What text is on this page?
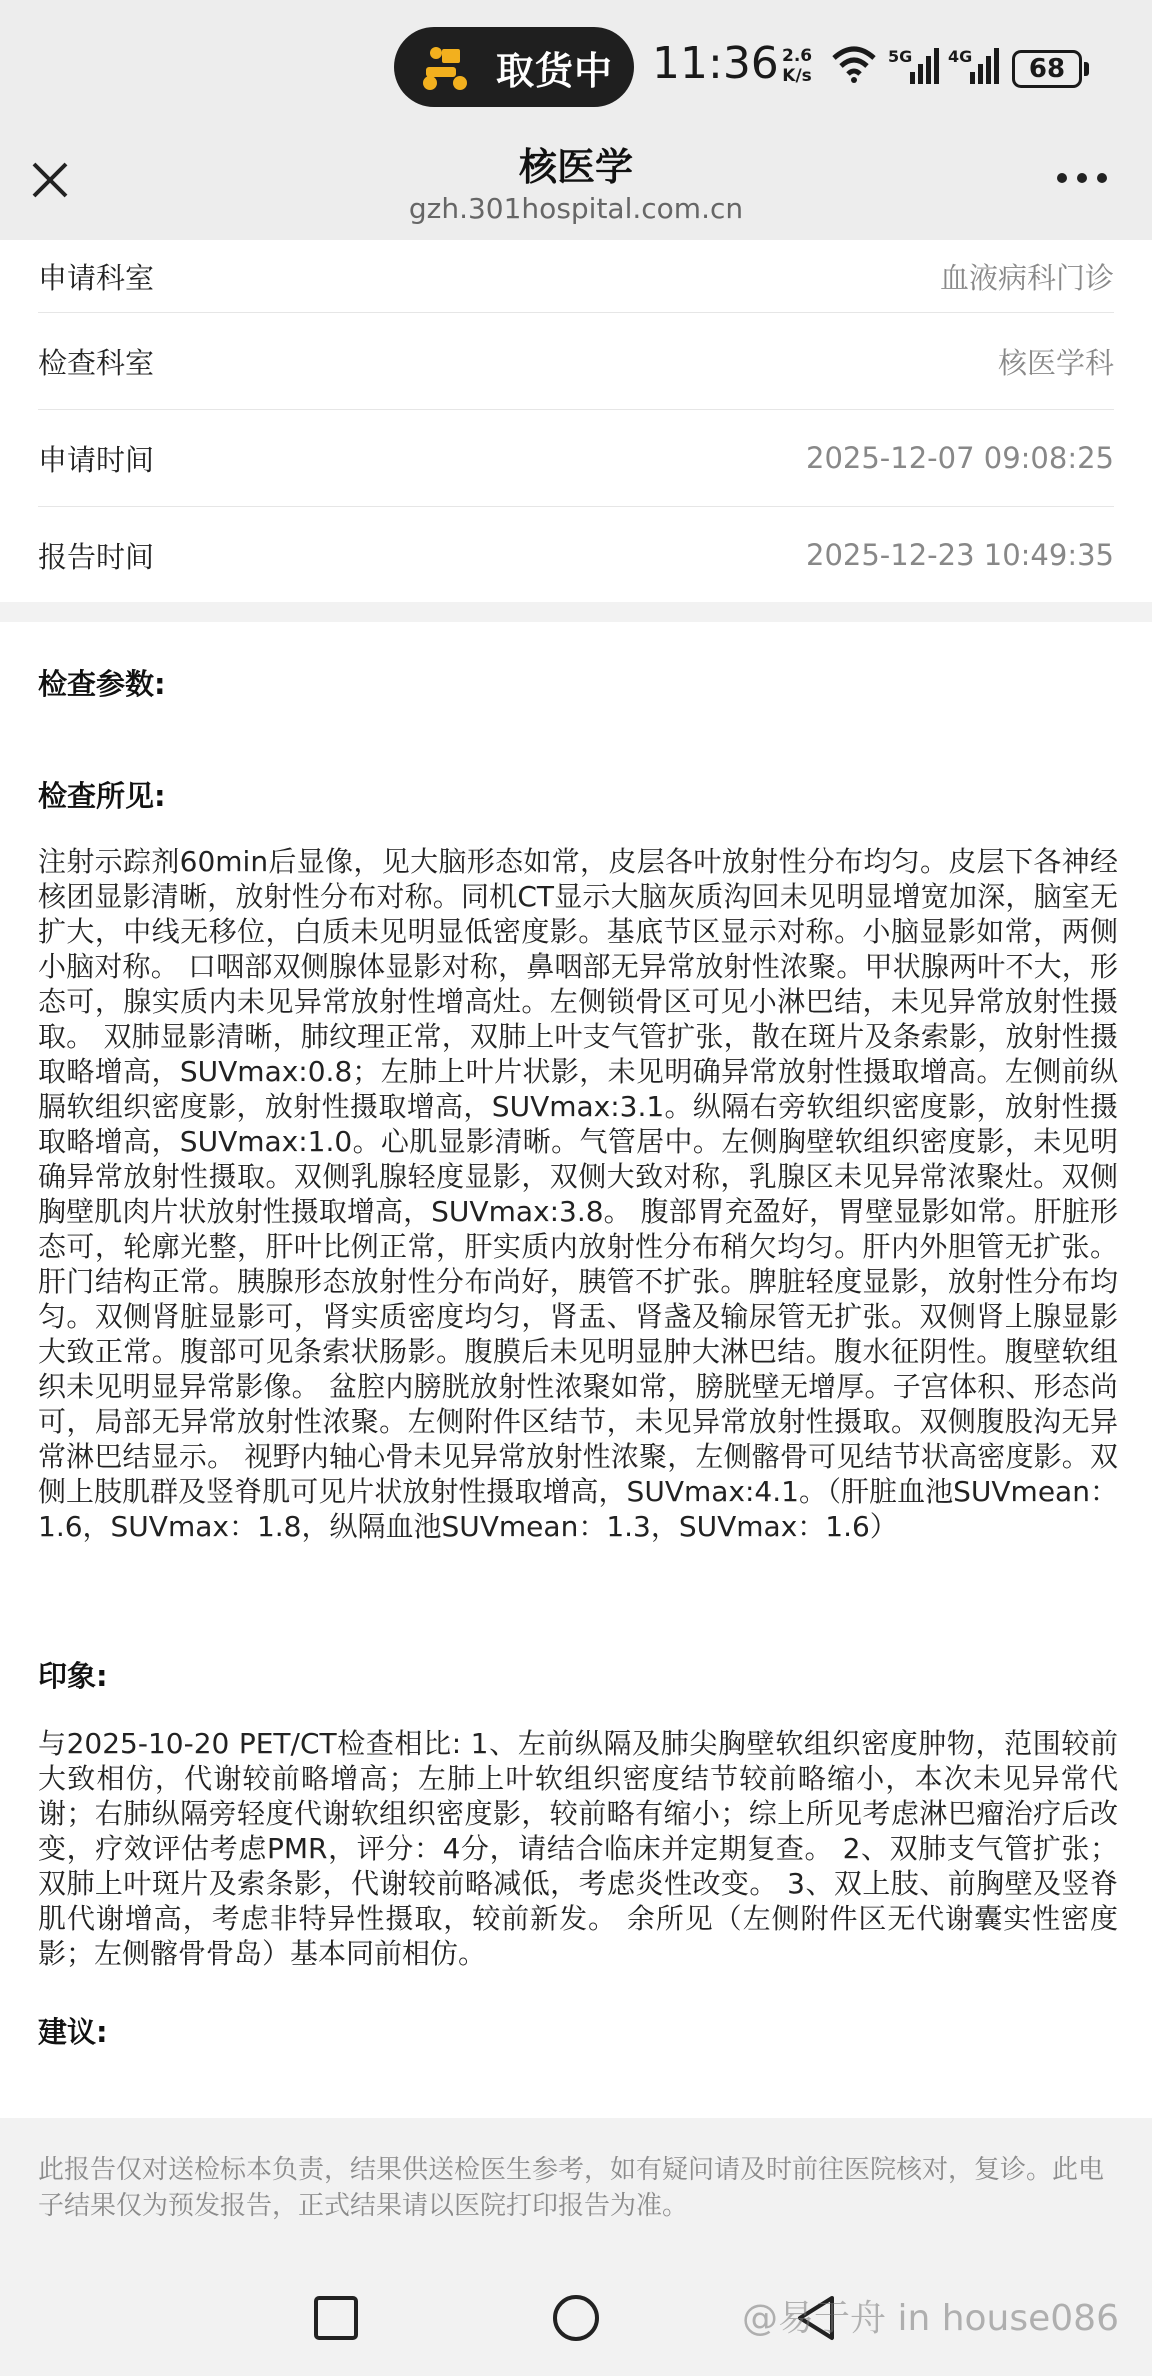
取货中 11:36 2.6
K/s
5G 4G 68
核医学
gzh.301hospital.com.cn
申请科室	血液病科门诊
检查科室	核医学科
申请时间	2025-12-07 09:08:25
报告时间	2025-12-23 10:49:35
检查参数:
检查所见:
注射示踪剂60min后显像，见大脑形态如常，皮层各叶放射性分布均匀。皮层下各神经核团显影清晰，放射性分布对称。同机CT显示大脑灰质沟回未见明显增宽加深，脑室无扩大，中线无移位，白质未见明显低密度影。基底节区显示对称。小脑显影如常，两侧小脑对称。 口咽部双侧腺体显影对称，鼻咽部无异常放射性浓聚。甲状腺两叶不大，形态可，腺实质内未见异常放射性增高灶。左侧锁骨区可见小淋巴结，未见异常放射性摄取。 双肺显影清晰，肺纹理正常，双肺上叶支气管扩张，散在斑片及条索影，放射性摄取略增高，SUVmax:0.8；左肺上叶片状影，未见明确异常放射性摄取增高。左侧前纵膈软组织密度影，放射性摄取增高，SUVmax:3.1。纵隔右旁软组织密度影，放射性摄取略增高，SUVmax:1.0。心肌显影清晰。气管居中。左侧胸壁软组织密度影，未见明确异常放射性摄取。双侧乳腺轻度显影，双侧大致对称，乳腺区未见异常浓聚灶。双侧胸壁肌肉片状放射性摄取增高，SUVmax:3.8。 腹部胃充盈好，胃壁显影如常。肝脏形态可，轮廓光整，肝叶比例正常，肝实质内放射性分布稍欠均匀。肝内外胆管无扩张。肝门结构正常。胰腺形态放射性分布尚好，胰管不扩张。脾脏轻度显影，放射性分布均匀。双侧肾脏显影可，肾实质密度均匀，肾盂、肾盏及输尿管无扩张。双侧肾上腺显影大致正常。腹部可见条索状肠影。腹膜后未见明显肿大淋巴结。腹水征阴性。腹壁软组织未见明显异常影像。 盆腔内膀胱放射性浓聚如常，膀胱壁无增厚。子宫体积、形态尚可，局部无异常放射性浓聚。左侧附件区结节，未见异常放射性摄取。双侧腹股沟无异常淋巴结显示。 视野内轴心骨未见异常放射性浓聚，左侧髂骨可见结节状高密度影。双侧上肢肌群及竖脊肌可见片状放射性摄取增高，SUVmax:4.1。（肝脏血池SUVmean：1.6，SUVmax：1.8，纵隔血池SUVmean：1.3，SUVmax：1.6）
印象:
与2025-10-20 PET/CT检查相比: 1、左前纵隔及肺尖胸壁软组织密度肿物，范围较前大致相仿，代谢较前略增高；左肺上叶软组织密度结节较前略缩小，本次未见异常代谢；右肺纵隔旁轻度代谢软组织密度影，较前略有缩小；综上所见考虑淋巴瘤治疗后改变，疗效评估考虑PMR，评分：4分，请结合临床并定期复查。 2、双肺支气管扩张；双肺上叶斑片及索条影，代谢较前略减低，考虑炎性改变。 3、双上肢、前胸壁及竖脊肌代谢增高，考虑非特异性摄取，较前新发。 余所见（左侧附件区无代谢囊实性密度影；左侧髂骨骨岛）基本同前相仿。
建议:
此报告仅对送检标本负责，结果供送检医生参考，如有疑问请及时前往医院核对，复诊。此电子结果仅为预发报告，正式结果请以医院打印报告为准。
@易于舟 in house086
